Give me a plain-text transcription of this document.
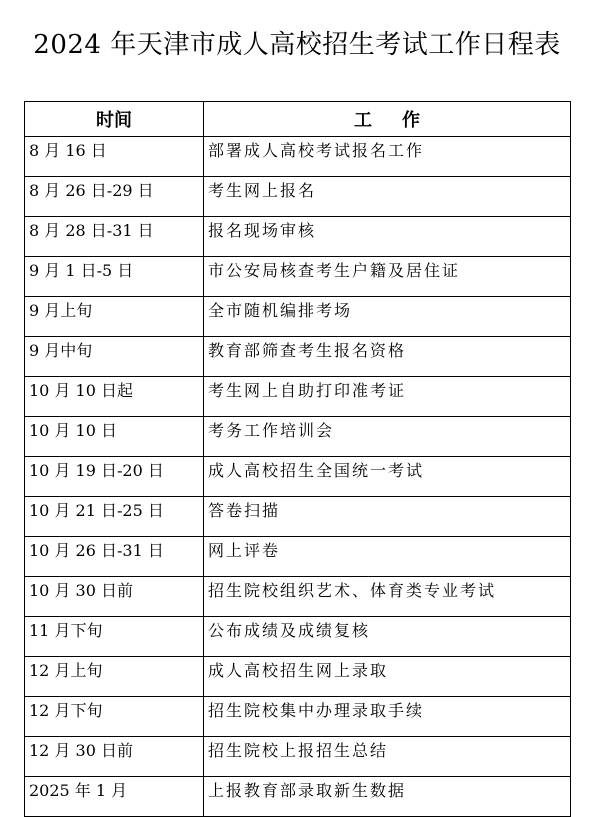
2024 年天津市成人高校招生考试工作日程表
时间	工作
8 月 16 日	部署成人高校考试报名工作
8 月 26 日-29 日	考生网上报名
8 月 28 日-31 日	报名现场审核
9 月 1 日-5 日	市公安局核查考生户籍及居住证
9 月上旬	全市随机编排考场
9 月中旬	教育部筛查考生报名资格
10 月 10 日起	考生网上自助打印准考证
10 月 10 日	考务工作培训会
10 月 19 日-20 日	成人高校招生全国统一考试
10 月 21 日-25 日	答卷扫描
10 月 26 日-31 日	网上评卷
10 月 30 日前	招生院校组织艺术、体育类专业考试
11 月下旬	公布成绩及成绩复核
12 月上旬	成人高校招生网上录取
12 月下旬	招生院校集中办理录取手续
12 月 30 日前	招生院校上报招生总结
2025 年 1 月	上报教育部录取新生数据
